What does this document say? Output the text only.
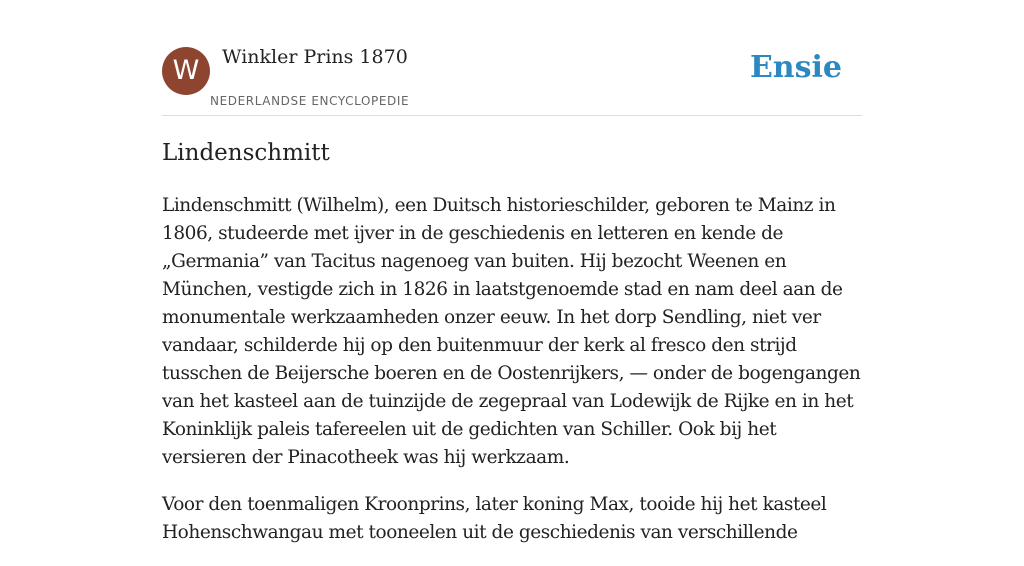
W	Winkler Prins 1870
NEDERLANDSE ENCYCLOPEDIE
Ensie
Lindenschmitt

Lindenschmitt (Wilhelm), een Duitsch historieschilder, geboren te Mainz in 1806, studeerde met ijver in de geschiedenis en letteren en kende de „Germania” van Tacitus nagenoeg van buiten. Hij bezocht Weenen en München, vestigde zich in 1826 in laatstgenoemde stad en nam deel aan de monumentale werkzaamheden onzer eeuw. In het dorp Sendling, niet ver vandaar, schilderde hij op den buitenmuur der kerk al fresco den strijd tusschen de Beijersche boeren en de Oostenrijkers, — onder de bogengangen van het kasteel aan de tuinzijde de zegepraal van Lodewijk de Rijke en in het Koninklijk paleis tafereelen uit de gedichten van Schiller. Ook bij het versieren der Pinacotheek was hij werkzaam.

Voor den toenmaligen Kroonprins, later koning Max, tooide hij het kasteel Hohenschwangau met tooneelen uit de geschiedenis van verschillende
